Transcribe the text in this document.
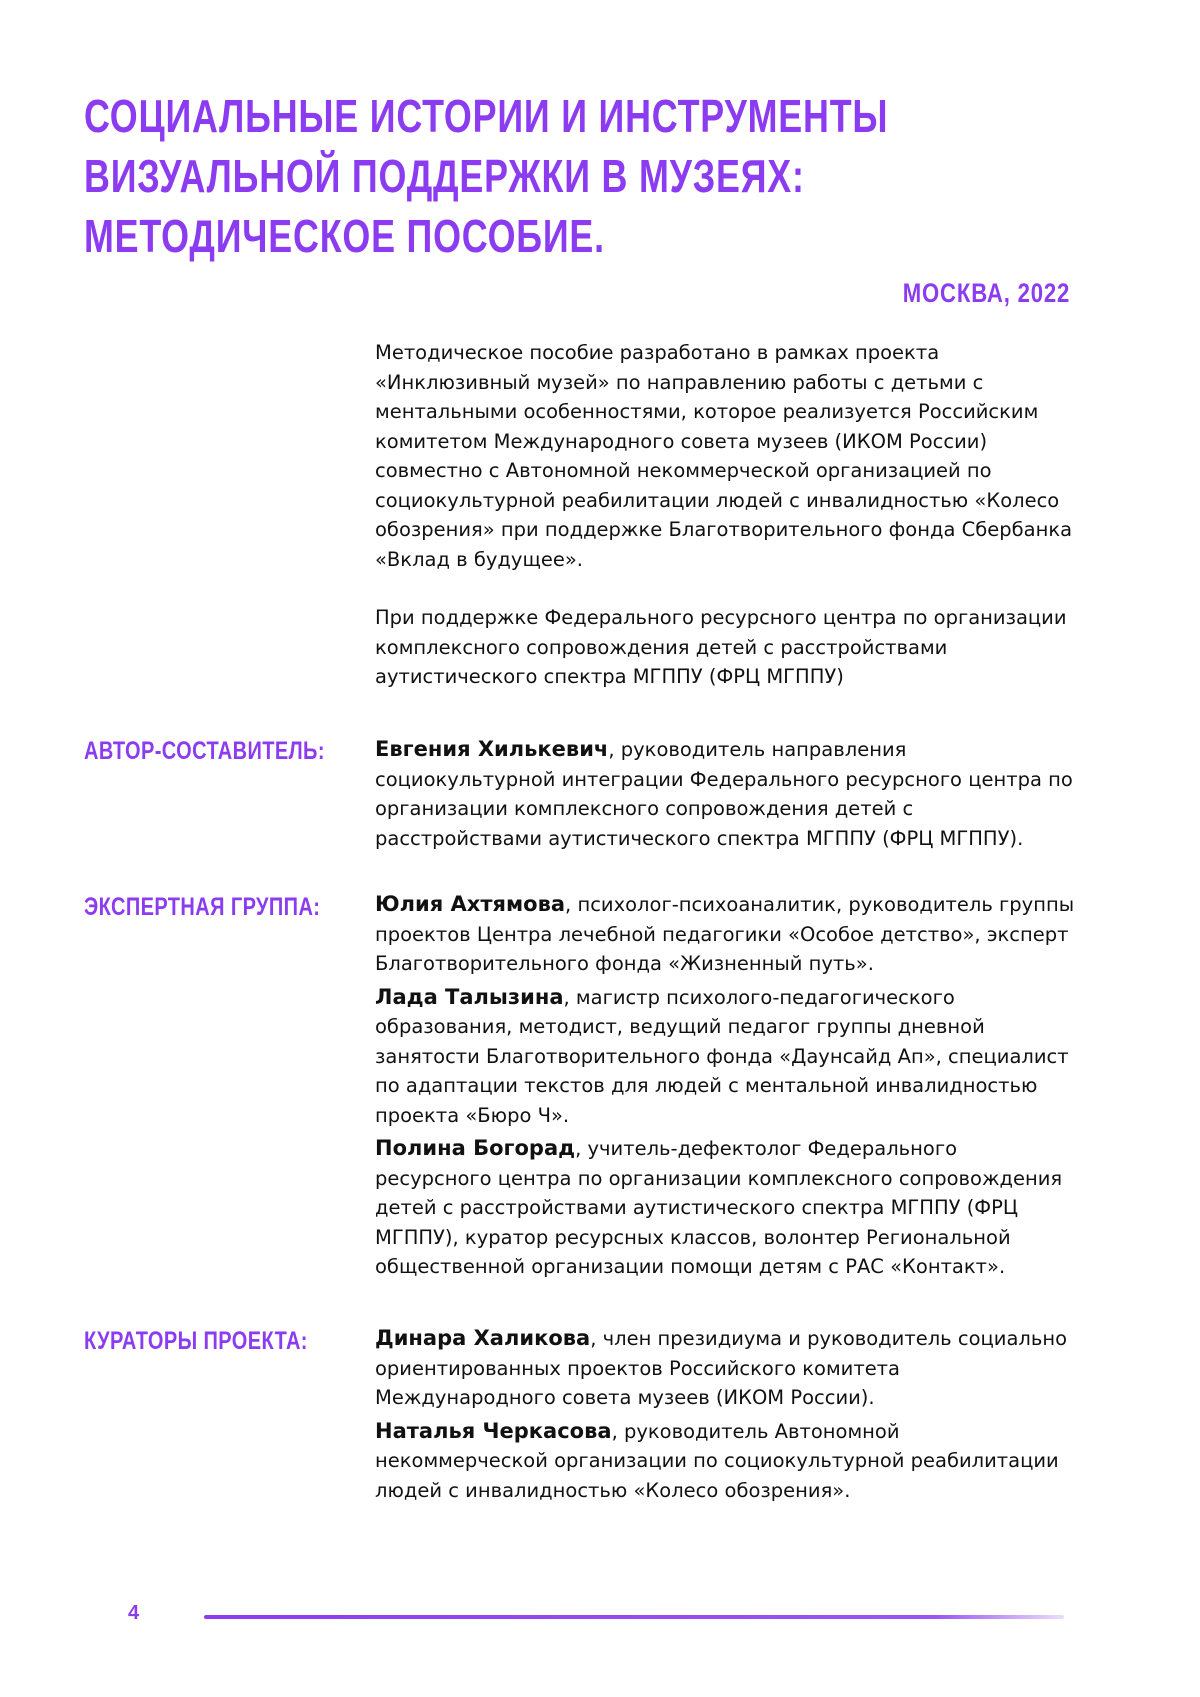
СОЦИАЛЬНЫЕ ИСТОРИИ И ИНСТРУМЕНТЫ
ВИЗУАЛЬНОЙ ПОДДЕРЖКИ В МУЗЕЯХ:
МЕТОДИЧЕСКОЕ ПОСОБИЕ.
МОСКВА, 2022

Методическое пособие разработано в рамках проекта «Инклюзивный музей» по направлению работы с детьми с ментальными особенностями, которое реализуется Российским комитетом Международного совета музеев (ИКОМ России) совместно с Автономной некоммерческой организацией по социокультурной реабилитации людей с инвалидностью «Колесо обозрения» при поддержке Благотворительного фонда Сбербанка «Вклад в будущее».

При поддержке Федерального ресурсного центра по организации комплексного сопровождения детей с расстройствами аутистического спектра МГППУ (ФРЦ МГППУ)

АВТОР-СОСТАВИТЕЛЬ: Евгения Хилькевич, руководитель направления социокультурной интеграции Федерального ресурсного центра по организации комплексного сопровождения детей с расстройствами аутистического спектра МГППУ (ФРЦ МГППУ).

ЭКСПЕРТНАЯ ГРУППА:	Юлия Ахтямова, психолог-психоаналитик, руководитель группы проектов Центра лечебной педагогики «Особое детство», эксперт Благотворительного фонда «Жизненный путь».

Лада Талызина, магистр психолого-педагогического образования, методист, ведущий педагог группы дневной занятости Благотворительного фонда «Даунсайд Ап», специалист по адаптации текстов для людей с ментальной инвалидностью проекта «Бюро Ч».

Полина Богорад, учитель-дефектолог Федерального ресурсного центра по организации комплексного сопровождения детей с расстройствами аутистического спектра МГППУ (ФРЦ МГППУ), куратор ресурсных классов, волонтер Региональной общественной организации помощи детям с РАС «Контакт».

КУРАТОРЫ ПРОЕКТА:	Динара Халикова, член президиума и руководитель социально ориентированных проектов Российского комитета Международного совета музеев (ИКОМ России).

Наталья Черкасова, руководитель Автономной некоммерческой организации по социокультурной реабилитации людей с инвалидностью «Колесо обозрения».

4
